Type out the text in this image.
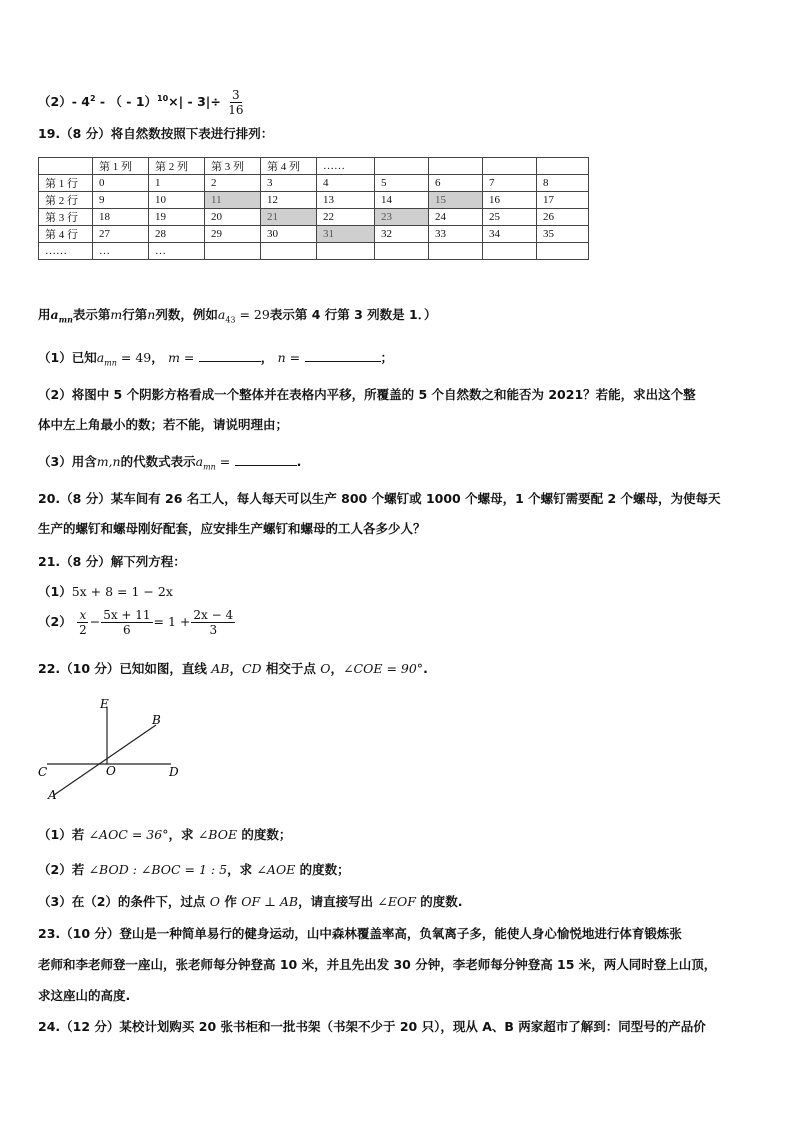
（2）- $4^2$ - （ - $1)^{10}\times| - 3|\div \frac{3}{16}$
19.（8 分）将自然数按照下表进行排列：
	第 1 列	第 2 列	第 3 列	第 4 列	……				
第 1 行	0	1	2	3	4	5	6	7	8
第 2 行	9	10	11	12	13	14	15	16	17
第 3 行	18	19	20	21	22	23	24	25	26
第 4 行	27	28	29	30	31	32	33	34	35
……	…	…							
用$a_{mn}$表示第m行第n列数，例如$a_{43} = 29$表示第 4 行第 3 列数是 1．）
（1）已知$a_{mn} = 49$， m =	， n =	；
（2）将图中 5 个阴影方格看成一个整体并在表格内平移，所覆盖的 5 个自然数之和能否为 2021？若能，求出这个整
体中左上角最小的数；若不能，请说明理由；
（3）用含m,n的代数式表示$a_{mn}$ =	.
20.（8 分）某车间有 26 名工人，每人每天可以生产 800 个螺钉或 1000 个螺母，1 个螺钉需要配 2 个螺母，为使每天
生产的螺钉和螺母刚好配套，应安排生产螺钉和螺母的工人各多少人？
21.（8 分）解下列方程：
（1）5x + 8 = 1 − 2x
$(2) \frac{x}{2} - \frac{5x + 11}{6} = 1 + \frac{2x - 4}{3}$
22.（10 分）已知如图，直线 AB，CD 相交于点 O，∠COE = 90°.
E
B
C	O	D
A
（1）若 ∠AOC = 36°，求 ∠BOE 的度数；
（2）若 ∠BOD : ∠BOC = 1 : 5，求 ∠AOE 的度数；
（3）在（2）的条件下，过点 O 作 OF ⊥ AB，请直接写出 ∠EOF 的度数.
23.（10 分）登山是一种简单易行的健身运动，山中森林覆盖率高，负氧离子多，能使人身心愉悦地进行体育锻炼张
老师和李老师登一座山，张老师每分钟登高 10 米，并且先出发 30 分钟，李老师每分钟登高 15 米，两人同时登上山顶，
求这座山的高度.
24.（12 分）某校计划购买 20 张书柜和一批书架（书架不少于 20 只），现从 A、B 两家超市了解到：同型号的产品价
